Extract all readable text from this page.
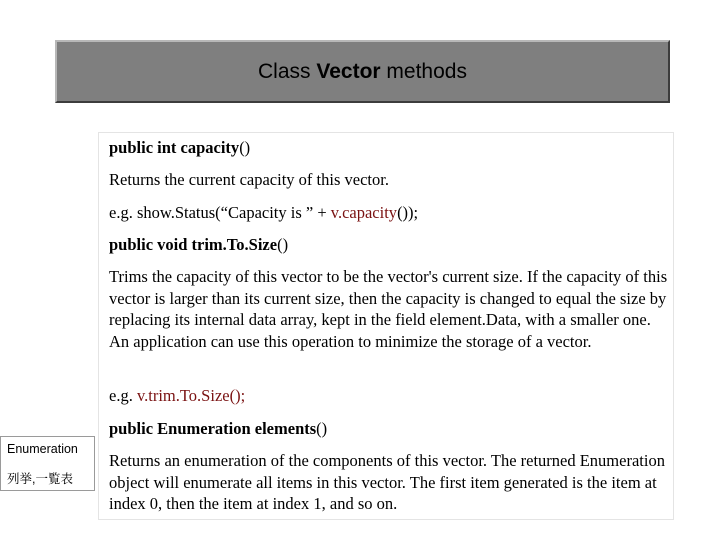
Class Vector methods
public int capacity()
Returns the current capacity of this vector.
e.g. show.Status(“Capacity is ” + v.capacity());
public void trim.To.Size()
Trims the capacity of this vector to be the vector's current size. If the capacity of this vector is larger than its current size, then the capacity is changed to equal the size by replacing its internal data array, kept in the field element.Data, with a smaller one. An application can use this operation to minimize the storage of a vector.
e.g. v.trim.To.Size();
public Enumeration elements()
Returns an enumeration of the components of this vector. The returned Enumeration object will enumerate all items in this vector. The first item generated is the item at index 0, then the item at index 1, and so on.
Enumeration
列挙,一覧表
